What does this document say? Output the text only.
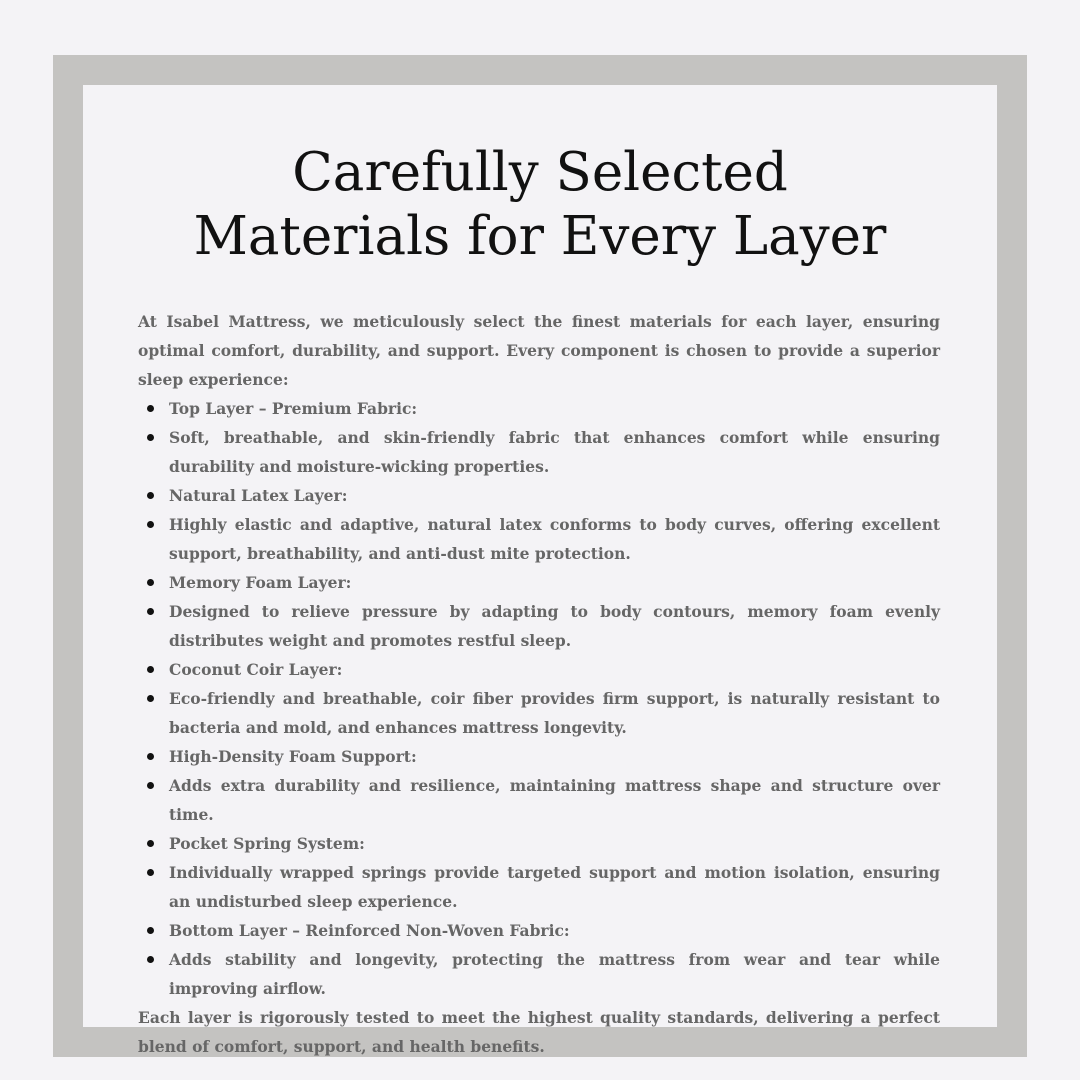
Carefully Selected
Materials for Every Layer

At Isabel Mattress, we meticulously select the finest materials for each layer, ensuring optimal comfort, durability, and support. Every component is chosen to provide a superior sleep experience:

Top Layer – Premium Fabric:
Soft, breathable, and skin-friendly fabric that enhances comfort while ensuring durability and moisture-wicking properties.
Natural Latex Layer:
Highly elastic and adaptive, natural latex conforms to body curves, offering excellent support, breathability, and anti-dust mite protection.
Memory Foam Layer:
Designed to relieve pressure by adapting to body contours, memory foam evenly distributes weight and promotes restful sleep.
Coconut Coir Layer:
Eco-friendly and breathable, coir fiber provides firm support, is naturally resistant to bacteria and mold, and enhances mattress longevity.
High-Density Foam Support:
Adds extra durability and resilience, maintaining mattress shape and structure over time.
Pocket Spring System:
Individually wrapped springs provide targeted support and motion isolation, ensuring an undisturbed sleep experience.
Bottom Layer – Reinforced Non-Woven Fabric:
Adds stability and longevity, protecting the mattress from wear and tear while improving airflow.

Each layer is rigorously tested to meet the highest quality standards, delivering a perfect blend of comfort, support, and health benefits.
